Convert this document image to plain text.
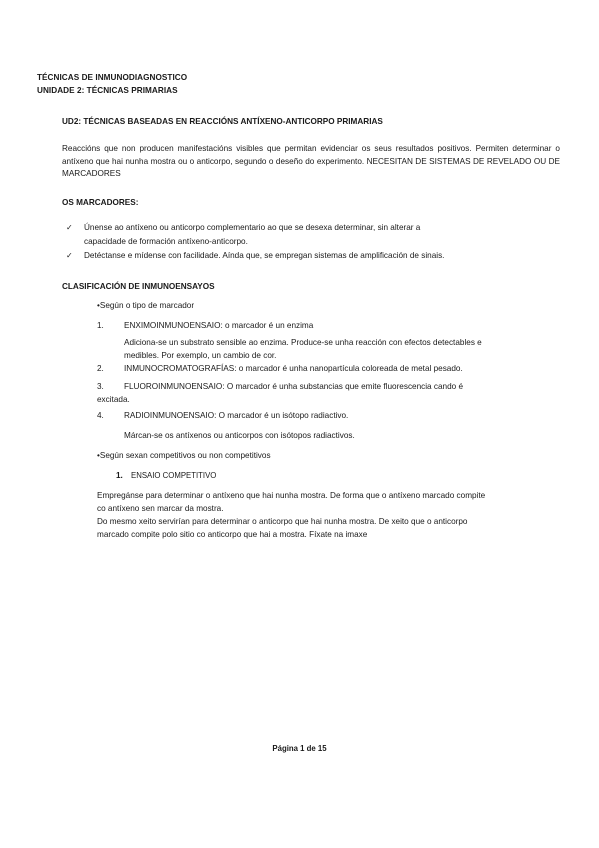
TÉCNICAS DE INMUNODIAGNOSTICO
UNIDADE 2: TÉCNICAS PRIMARIAS
UD2: TÉCNICAS BASEADAS EN REACCIÓNS ANTÍXENO-ANTICORPO PRIMARIAS
Reaccións que non producen manifestacións visibles que permitan evidenciar os seus resultados positivos. Permiten determinar o antíxeno que hai nunha mostra ou o anticorpo, segundo o deseño do experimento. NECESITAN DE SISTEMAS DE REVELADO OU DE MARCADORES
OS MARCADORES:
✓ Únense ao antíxeno ou anticorpo complementario ao que se desexa determinar, sin alterar a
capacidade de formación antíxeno-anticorpo.
✓ Detéctanse e mídense con facilidade. Aínda que, se empregan sistemas de amplificación de sinais.
CLASIFICACIÓN DE INMUNOENSAYOS
•Según o tipo de marcador
1. ENXIMOINMUNOENSAIO: o marcador é un enzima
Adiciona-se un substrato sensible ao enzima. Produce-se unha reacción con efectos detectables e
medibles. Por exemplo, un cambio de cor.
2. INMUNOCROMATOGRAFÍAS: o marcador é unha nanopartícula coloreada de metal pesado.
3. FLUOROINMUNOENSAIO: O marcador é unha substancias que emite fluorescencia cando é
excitada.
4. RADIOINMUNOENSAIO: O marcador é un isótopo radiactivo.
Márcan-se os antíxenos ou anticorpos con isótopos radiactivos.
•Según sexan competitivos ou non competitivos
1. ENSAIO COMPETITIVO
Empregánse para determinar o antíxeno que hai nunha mostra. De forma que o antíxeno marcado compite
co antíxeno sen marcar da mostra.
Do mesmo xeito servirían para determinar o anticorpo que hai nunha mostra. De xeito que o anticorpo
marcado compite polo sitio co anticorpo que hai a mostra. Fíxate na imaxe
Página 1 de 15
